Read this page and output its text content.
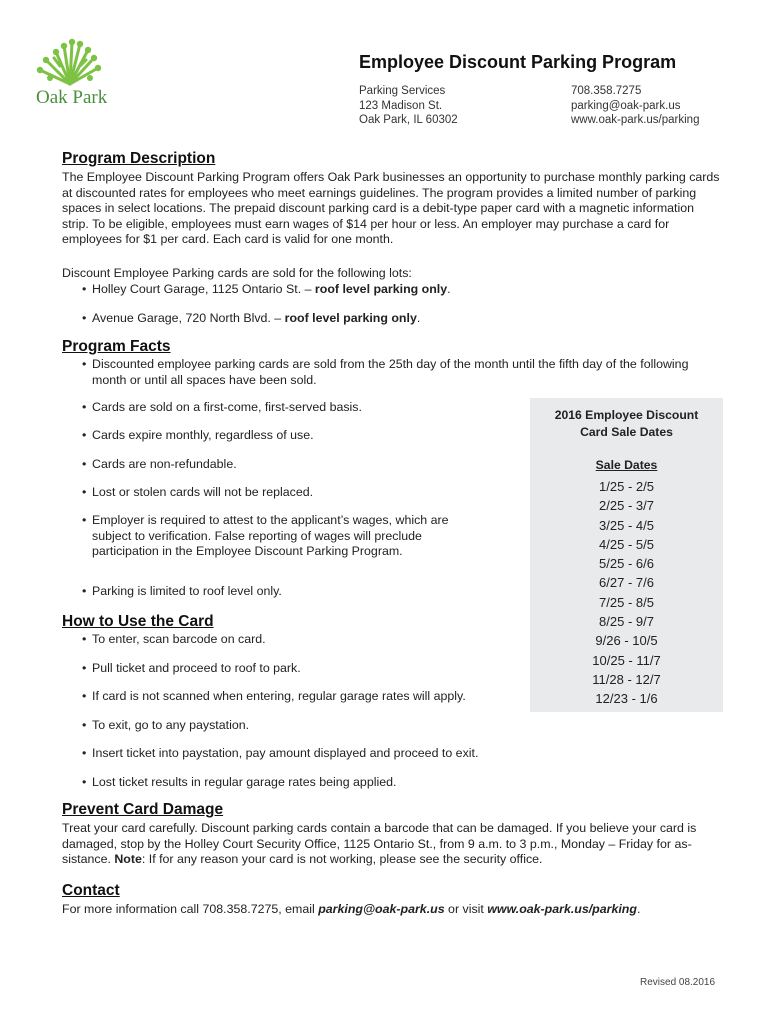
Oak Park
Employee Discount Parking Program
Parking Services
123 Madison St.
Oak Park, IL 60302
708.358.7275
parking@oak-park.us
www.oak-park.us/parking
Program Description
The Employee Discount Parking Program offers Oak Park businesses an opportunity to purchase monthly parking cards at discounted rates for employees who meet earnings guidelines. The program provides a limited number of parking spaces in select locations. The prepaid discount parking card is a debit-type paper card with a magnetic information strip. To be eligible, employees must earn wages of $14 per hour or less. An employer may purchase a card for employees for $1 per card. Each card is valid for one month.
Discount Employee Parking cards are sold for the following lots:
• Holley Court Garage, 1125 Ontario St. – roof level parking only.
• Avenue Garage, 720 North Blvd. – roof level parking only.
Program Facts
• Discounted employee parking cards are sold from the 25th day of the month until the fifth day of the following month or until all spaces have been sold.
• Cards are sold on a first-come, first-served basis.
• Cards expire monthly, regardless of use.
• Cards are non-refundable.
• Lost or stolen cards will not be replaced.
• Employer is required to attest to the applicant’s wages, which are subject to verification. False reporting of wages will preclude participation in the Employee Discount Parking Program.
• Parking is limited to roof level only.
How to Use the Card
• To enter, scan barcode on card.
• Pull ticket and proceed to roof to park.
• If card is not scanned when entering, regular garage rates will apply.
• To exit, go to any paystation.
• Insert ticket into paystation, pay amount displayed and proceed to exit.
• Lost ticket results in regular garage rates being applied.
2016 Employee Discount
Card Sale Dates
Sale Dates
1/25 - 2/5
2/25 - 3/7
3/25 - 4/5
4/25 - 5/5
5/25 - 6/6
6/27 - 7/6
7/25 - 8/5
8/25 - 9/7
9/26 - 10/5
10/25 - 11/7
11/28 - 12/7
12/23 - 1/6
Prevent Card Damage
Treat your card carefully. Discount parking cards contain a barcode that can be damaged. If you believe your card is damaged, stop by the Holley Court Security Office, 1125 Ontario St., from 9 a.m. to 3 p.m., Monday – Friday for assistance. Note: If for any reason your card is not working, please see the security office.
Contact
For more information call 708.358.7275, email parking@oak-park.us or visit www.oak-park.us/parking.
Revised 08.2016
